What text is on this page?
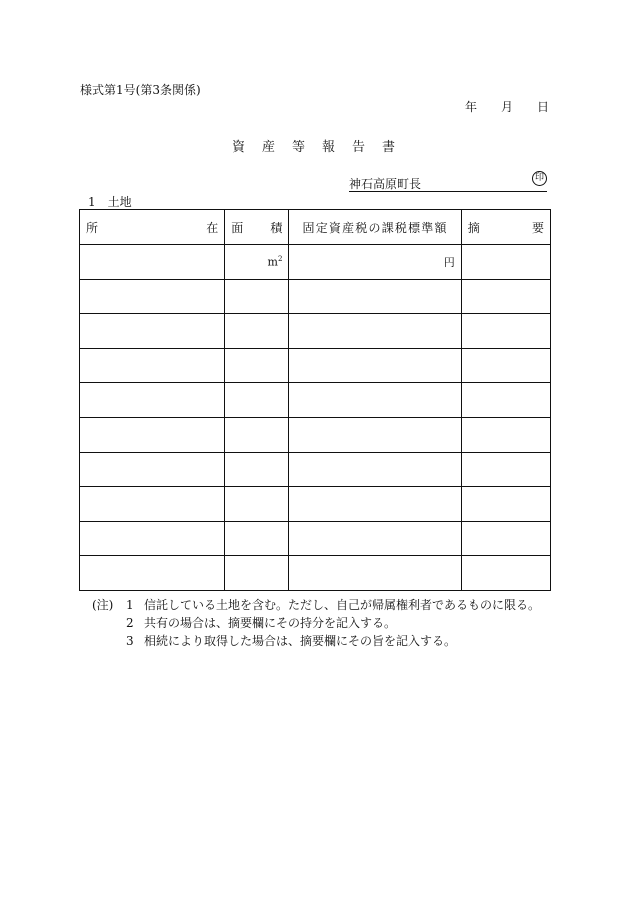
様式第1号(第3条関係)
年 月 日
資産等報告書
神石高原町長	印
1 土地
所 在	面 積	固定資産税の課税標準額	摘 要

	$m^2$	円	

(注) 1 信託している土地を含む。ただし、自己が帰属権利者であるものに限る。
2 共有の場合は、摘要欄にその持分を記入する。
3 相続により取得した場合は、摘要欄にその旨を記入する。
